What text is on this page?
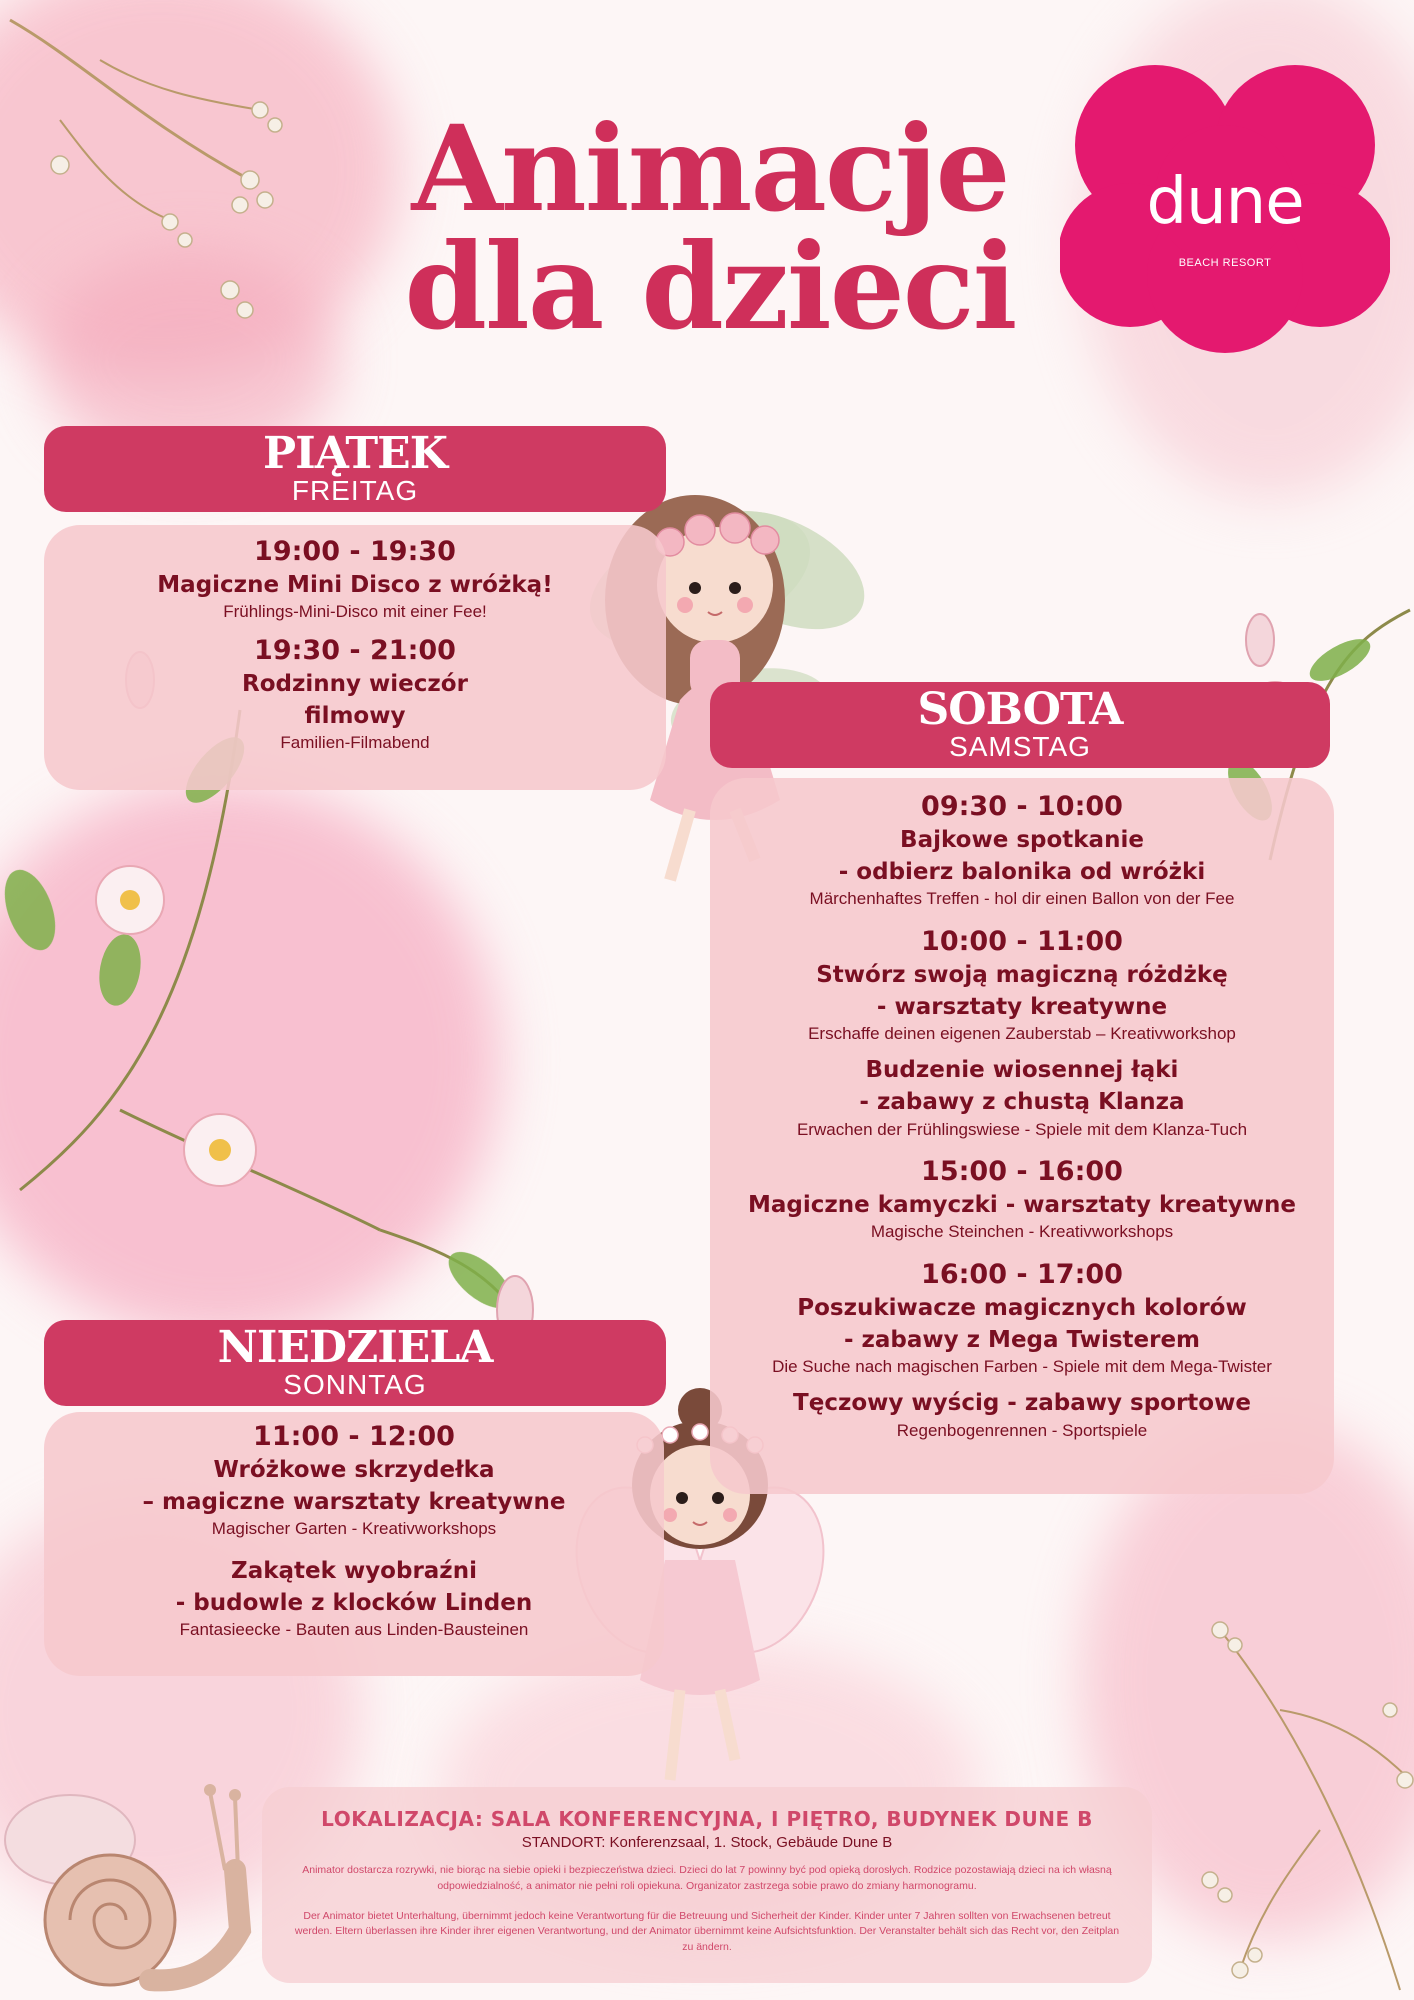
Animacje
dla dzieci
dune
BEACH RESORT
PIĄTEK
FREITAG
19:00 - 19:30
Magiczne Mini Disco z wróżką!
Frühlings-Mini-Disco mit einer Fee!
19:30 - 21:00
Rodzinny wieczór
filmowy
Familien-Filmabend
SOBOTA
SAMSTAG
09:30 - 10:00
Bajkowe spotkanie
- odbierz balonika od wróżki
Märchenhaftes Treffen - hol dir einen Ballon von der Fee
10:00 - 11:00
Stwórz swoją magiczną różdżkę
- warsztaty kreatywne
Erschaffe deinen eigenen Zauberstab – Kreativworkshop
Budzenie wiosennej łąki
- zabawy z chustą Klanza
Erwachen der Frühlingswiese - Spiele mit dem Klanza-Tuch
15:00 - 16:00
Magiczne kamyczki - warsztaty kreatywne
Magische Steinchen - Kreativworkshops
16:00 - 17:00
Poszukiwacze magicznych kolorów
- zabawy z Mega Twisterem
Die Suche nach magischen Farben - Spiele mit dem Mega-Twister
Tęczowy wyścig - zabawy sportowe
Regenbogenrennen - Sportspiele
NIEDZIELA
SONNTAG
11:00 - 12:00
Wróżkowe skrzydełka
– magiczne warsztaty kreatywne
Magischer Garten - Kreativworkshops
Zakątek wyobraźni
- budowle z klocków Linden
Fantasieecke - Bauten aus Linden-Bausteinen
LOKALIZACJA: SALA KONFERENCYJNA, I PIĘTRO, BUDYNEK DUNE B
STANDORT: Konferenzsaal, 1. Stock, Gebäude Dune B
Animator dostarcza rozrywki, nie biorąc na siebie opieki i bezpieczeństwa dzieci. Dzieci do lat 7 powinny być pod opieką dorosłych. Rodzice pozostawiają dzieci na ich własną odpowiedzialność, a animator nie pełni roli opiekuna. Organizator zastrzega sobie prawo do zmiany harmonogramu.
Der Animator bietet Unterhaltung, übernimmt jedoch keine Verantwortung für die Betreuung und Sicherheit der Kinder. Kinder unter 7 Jahren sollten von Erwachsenen betreut werden. Eltern überlassen ihre Kinder ihrer eigenen Verantwortung, und der Animator übernimmt keine Aufsichtsfunktion. Der Veranstalter behält sich das Recht vor, den Zeitplan zu ändern.
